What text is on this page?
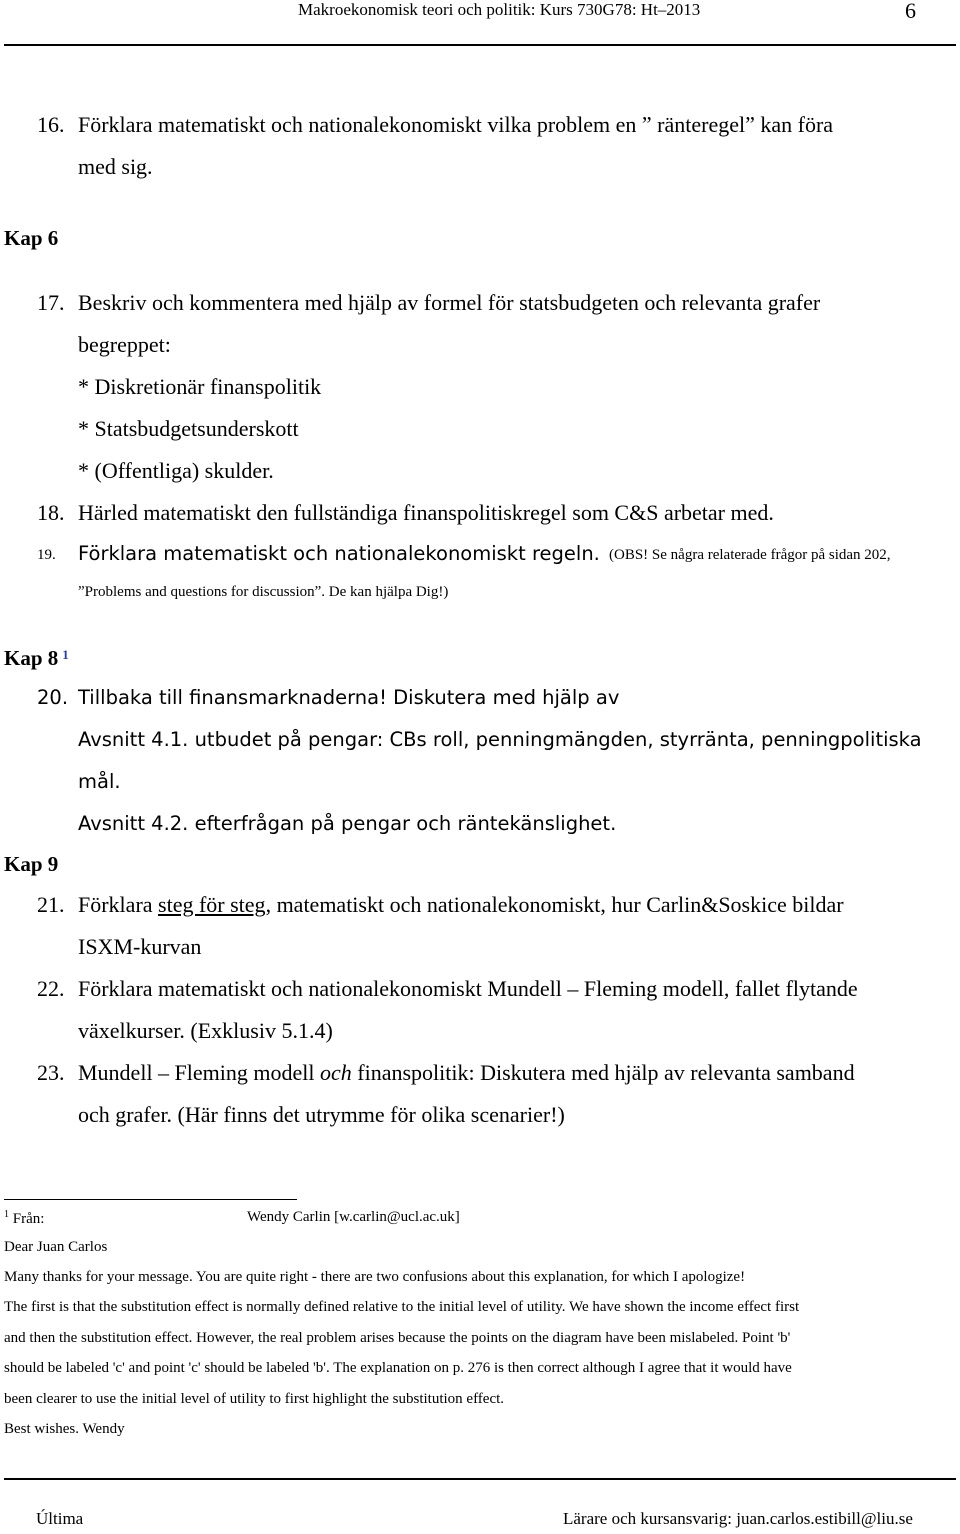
Makroekonomisk teori och politik: Kurs 730G78: Ht–2013	6
16. Förklara matematiskt och nationalekonomiskt vilka problem en ˮ ränteregelˮ kan föra
med sig.
Kap 6
17. Beskriv och kommentera med hjälp av formel för statsbudgeten och relevanta grafer
begreppet:
* Diskretionär finanspolitik
* Statsbudgetsunderskott
* (Offentliga) skulder.
18. Härled matematiskt den fullständiga finanspolitiskregel som C&S arbetar med.
19. Förklara matematiskt och nationalekonomiskt regeln. (OBS! Se några relaterade frågor på sidan 202,
ˮProblems and questions for discussionˮ. De kan hjälpa Dig!)
Kap 8 $^1$
20. Tillbaka till finansmarknaderna! Diskutera med hjälp av
Avsnitt 4.1. utbudet på pengar: CBs roll, penningmängden, styrränta, penningpolitiska
mål.
Avsnitt 4.2. efterfrågan på pengar och räntekänslighet.
Kap 9
21. Förklara steg för steg, matematiskt och nationalekonomiskt, hur Carlin&Soskice bildar
ISXM-kurvan
22. Förklara matematiskt och nationalekonomiskt Mundell – Fleming modell, fallet flytande
växelkurser. (Exklusiv 5.1.4)
23. Mundell – Fleming modell och finanspolitik: Diskutera med hjälp av relevanta samband
och grafer. (Här finns det utrymme för olika scenarier!)
$^1$ Från:	Wendy Carlin [w.carlin@ucl.ac.uk]
Dear Juan Carlos
Many thanks for your message. You are quite right - there are two confusions about this explanation, for which I apologize!
The first is that the substitution effect is normally defined relative to the initial level of utility. We have shown the income effect first
and then the substitution effect. However, the real problem arises because the points on the diagram have been mislabeled. Point 'b'
should be labeled 'c' and point 'c' should be labeled 'b'. The explanation on p. 276 is then correct although I agree that it would have
been clearer to use the initial level of utility to first highlight the substitution effect.
Best wishes. Wendy
Última	Lärare och kursansvarig: juan.carlos.estibill@liu.se
